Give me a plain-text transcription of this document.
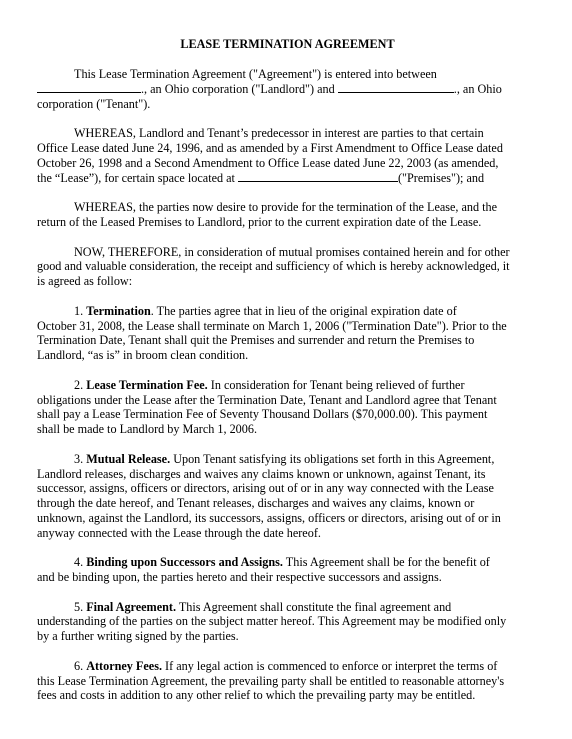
LEASE TERMINATION AGREEMENT
This Lease Termination Agreement ("Agreement") is entered into between
., an Ohio corporation ("Landlord") and	., an Ohio
corporation ("Tenant").
WHEREAS, Landlord and Tenant’s predecessor in interest are parties to that certain
Office Lease dated June 24, 1996, and as amended by a First Amendment to Office Lease dated
October 26, 1998 and a Second Amendment to Office Lease dated June 22, 2003 (as amended,
the “Lease”), for certain space located at	("Premises"); and
WHEREAS, the parties now desire to provide for the termination of the Lease, and the
return of the Leased Premises to Landlord, prior to the current expiration date of the Lease.
NOW, THEREFORE, in consideration of mutual promises contained herein and for other
good and valuable consideration, the receipt and sufficiency of which is hereby acknowledged, it
is agreed as follow:
1. Termination. The parties agree that in lieu of the original expiration date of
October 31, 2008, the Lease shall terminate on March 1, 2006 ("Termination Date"). Prior to the
Termination Date, Tenant shall quit the Premises and surrender and return the Premises to
Landlord, “as is” in broom clean condition.
2. Lease Termination Fee. In consideration for Tenant being relieved of further
obligations under the Lease after the Termination Date, Tenant and Landlord agree that Tenant
shall pay a Lease Termination Fee of Seventy Thousand Dollars ($70,000.00). This payment
shall be made to Landlord by March 1, 2006.
3. Mutual Release. Upon Tenant satisfying its obligations set forth in this Agreement,
Landlord releases, discharges and waives any claims known or unknown, against Tenant, its
successor, assigns, officers or directors, arising out of or in any way connected with the Lease
through the date hereof, and Tenant releases, discharges and waives any claims, known or
unknown, against the Landlord, its successors, assigns, officers or directors, arising out of or in
anyway connected with the Lease through the date hereof.
4. Binding upon Successors and Assigns. This Agreement shall be for the benefit of
and be binding upon, the parties hereto and their respective successors and assigns.
5. Final Agreement. This Agreement shall constitute the final agreement and
understanding of the parties on the subject matter hereof. This Agreement may be modified only
by a further writing signed by the parties.
6. Attorney Fees. If any legal action is commenced to enforce or interpret the terms of
this Lease Termination Agreement, the prevailing party shall be entitled to reasonable attorney's
fees and costs in addition to any other relief to which the prevailing party may be entitled.
